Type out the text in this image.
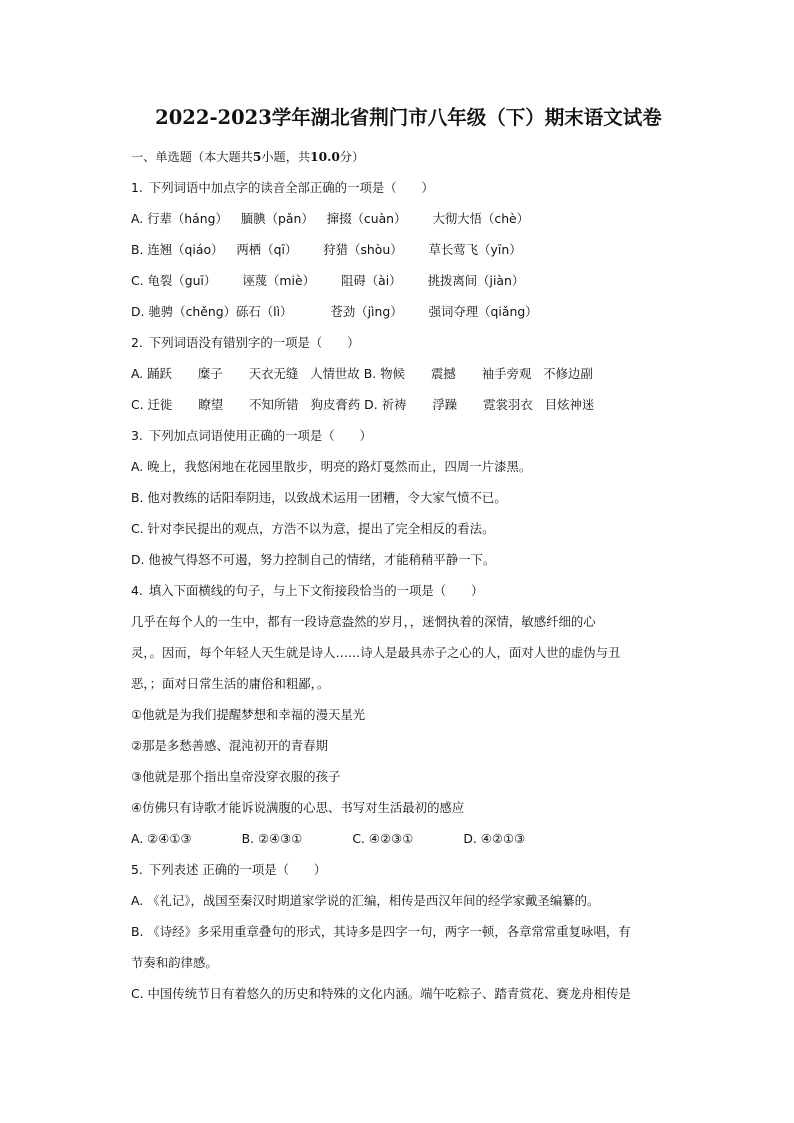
2022-2023学年湖北省荆门市八年级（下）期末语文试卷
一、单选题（本大题共5小题，共10.0分）
1. 下列词语中加点字的读音全部正确的一项是（　　）
A. 行辈（háng） 腼腆（pǎn） 撺掇（cuàn） 大彻大悟（chè）
B. 连翘（qiáo） 两栖（qī） 狩猎（shòu） 草长莺飞（yīn）
C. 龟裂（guī） 诬蔑（miè） 阻碍（ài） 挑拨离间（jiàn）
D. 驰骋（chěng）砾石（lì）	苍劲（jìng） 强词夺理（qiǎng）
2. 下列词语没有错别字的一项是（　　）
A. 踊跃 糜子 天衣无缝 人情世故 B. 物候 震撼 袖手旁观 不修边副
C. 迁徙 瞭望 不知所错 狗皮膏药 D. 祈祷 浮躁 霓裳羽衣 目炫神迷
3. 下列加点词语使用正确的一项是（　　）
A. 晚上，我悠闲地在花园里散步，明亮的路灯戛然而止，四周一片漆黑。
B. 他对教练的话阳奉阴违，以致战术运用一团糟，令大家气愤不已。
C. 针对李民提出的观点，方浩不以为意，提出了完全相反的看法。
D. 他被气得怒不可遏，努力控制自己的情绪，才能稍稍平静一下。
4. 填入下面横线的句子，与上下文衔接段恰当的一项是（　　）
几乎在每个人的一生中，都有一段诗意盎然的岁月，，迷惘执着的深情，敏感纤细的心
灵，。因而，每个年轻人天生就是诗人……诗人是最具赤子之心的人，面对人世的虚伪与丑
恶，；面对日常生活的庸俗和粗鄙，。
①他就是为我们提醒梦想和幸福的漫天星光
②那是多愁善感、混沌初开的青春期
③他就是那个指出皇帝没穿衣服的孩子
④仿佛只有诗歌才能诉说满腹的心思、书写对生活最初的感应
A. ②④①③	B. ②④③①	C. ④②③①	D. ④②①③
5. 下列表述 正确的一项是（　　）
A. 《礼记》，战国至秦汉时期道家学说的汇编，相传是西汉年间的经学家戴圣编纂的。
B. 《诗经》多采用重章叠句的形式，其诗多是四字一句，两字一顿，各章常常重复咏唱，有
节奏和韵律感。
C. 中国传统节日有着悠久的历史和特殊的文化内涵。端午吃粽子、踏青赏花、赛龙舟相传是
